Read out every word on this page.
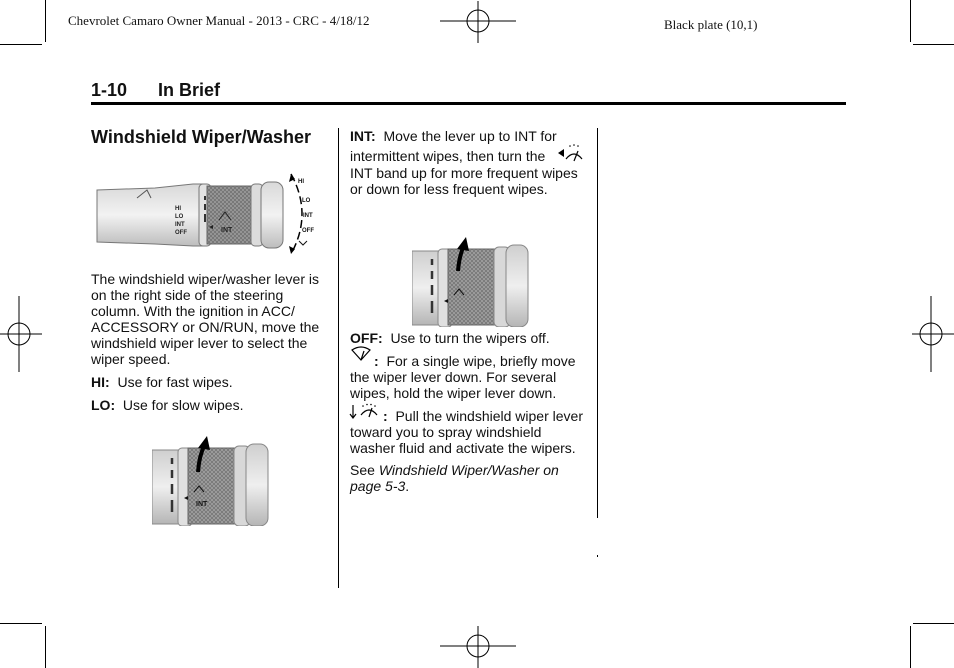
Chevrolet Camaro Owner Manual - 2013 - CRC - 4/18/12	Black plate (10,1)
1-10 In Brief
Windshield Wiper/Washer
HI
LO
INT
OFF	INT
HI
LO
INT
OFF
The windshield wiper/washer lever is on the right side of the steering column. With the ignition in ACC/ ACCESSORY or ON/RUN, move the windshield wiper lever to select the wiper speed.
HI: Use for fast wipes.
LO: Use for slow wipes.
INT
INT: Move the lever up to INT for
intermittent wipes, then turn the
INT band up for more frequent wipes or down for less frequent wipes.
OFF: Use to turn the wipers off.
: For a single wipe, briefly move the wiper lever down. For several wipes, hold the wiper lever down.
: Pull the windshield wiper lever toward you to spray windshield washer fluid and activate the wipers.
See Windshield Wiper/Washer on page 5-3.
